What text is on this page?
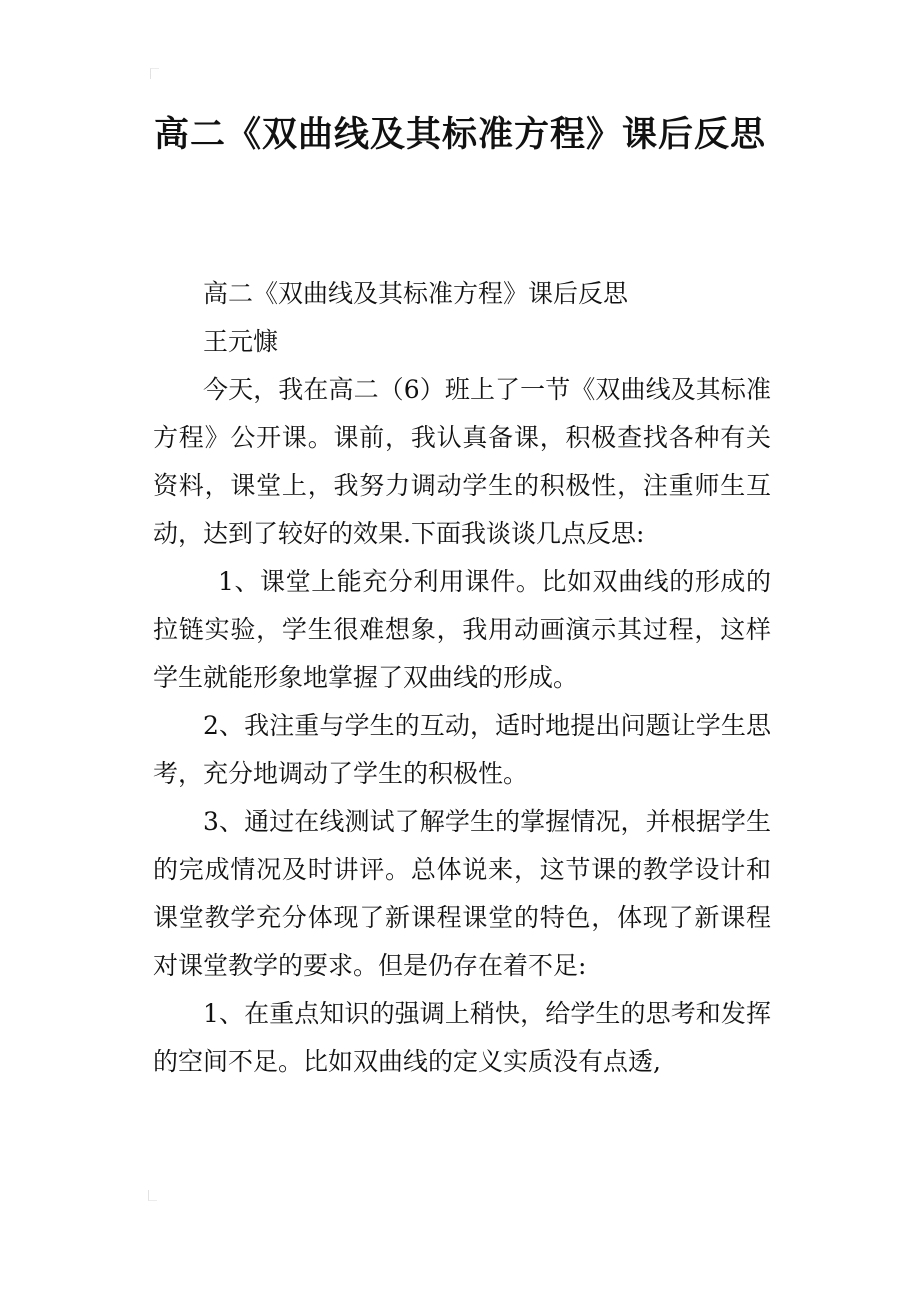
高二《双曲线及其标准方程》课后反思

高二《双曲线及其标准方程》课后反思

王元慷

今天，我在高二（6）班上了一节《双曲线及其标准方程》公开课。课前，我认真备课，积极查找各种有关资料，课堂上，我努力调动学生的积极性，注重师生互动，达到了较好的效果.下面我谈谈几点反思:

1、课堂上能充分利用课件。比如双曲线的形成的拉链实验，学生很难想象，我用动画演示其过程，这样学生就能形象地掌握了双曲线的形成。

2、我注重与学生的互动，适时地提出问题让学生思考，充分地调动了学生的积极性。

3、通过在线测试了解学生的掌握情况，并根据学生的完成情况及时讲评。总体说来，这节课的教学设计和课堂教学充分体现了新课程课堂的特色，体现了新课程对课堂教学的要求。但是仍存在着不足:

1、在重点知识的强调上稍快，给学生的思考和发挥的空间不足。比如双曲线的定义实质没有点透,
